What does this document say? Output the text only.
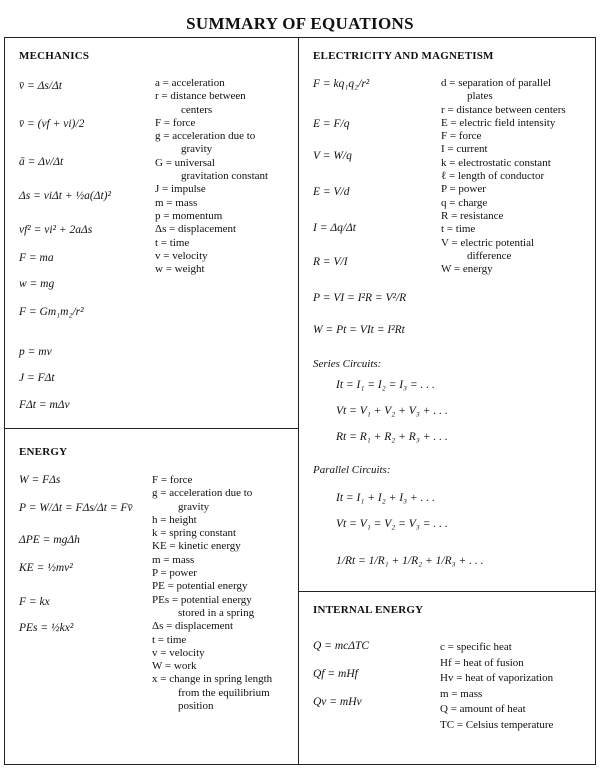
SUMMARY OF EQUATIONS
MECHANICS
v̄ = Δs/Δt
v̄ = (vf + vi)/2
ā = Δv/Δt
Δs = viΔt + ½a(Δt)²
vf² = vi² + 2aΔs
F = ma
w = mg
F = Gm₁m₂/r²
p = mv
J = FΔt
FΔt = mΔv
a = acceleration
r = distance between
centers
F = force
g = acceleration due to
gravity
G = universal
gravitation constant
J = impulse
m = mass
p = momentum
Δs = displacement
t = time
v = velocity
w = weight
ENERGY
W = FΔs
P = W/Δt = FΔs/Δt = Fv̄
ΔPE = mgΔh
KE = ½mv²
F = kx
PEs = ½kx²
F = force
g = acceleration due to
gravity
h = height
k = spring constant
KE = kinetic energy
m = mass
P = power
PE = potential energy
PEs = potential energy
stored in a spring
Δs = displacement
t = time
v = velocity
W = work
x = change in spring length
from the equilibrium
position
ELECTRICITY AND MAGNETISM
F = kq₁q₂/r²
E = F/q
V = W/q
E = V/d
I = Δq/Δt
R = V/I
P = VI = I²R = V²/R
W = Pt = VIt = I²Rt
d = separation of parallel
plates
r = distance between centers
E = electric field intensity
F = force
I = current
k = electrostatic constant
ℓ = length of conductor
P = power
q = charge
R = resistance
t = time
V = electric potential
difference
W = energy
Series Circuits:
It = I₁ = I₂ = I₃ = . . .
Vt = V₁ + V₂ + V₃ + . . .
Rt = R₁ + R₂ + R₃ + . . .
Parallel Circuits:
It = I₁ + I₂ + I₃ + . . .
Vt = V₁ = V₂ = V₃ = . . .
1/Rt = 1/R₁ + 1/R₂ + 1/R₃ + . . .
INTERNAL ENERGY
Q = mcΔTC
Qf = mHf
Qv = mHv
c = specific heat
Hf = heat of fusion
Hv = heat of vaporization
m = mass
Q = amount of heat
TC = Celsius temperature
